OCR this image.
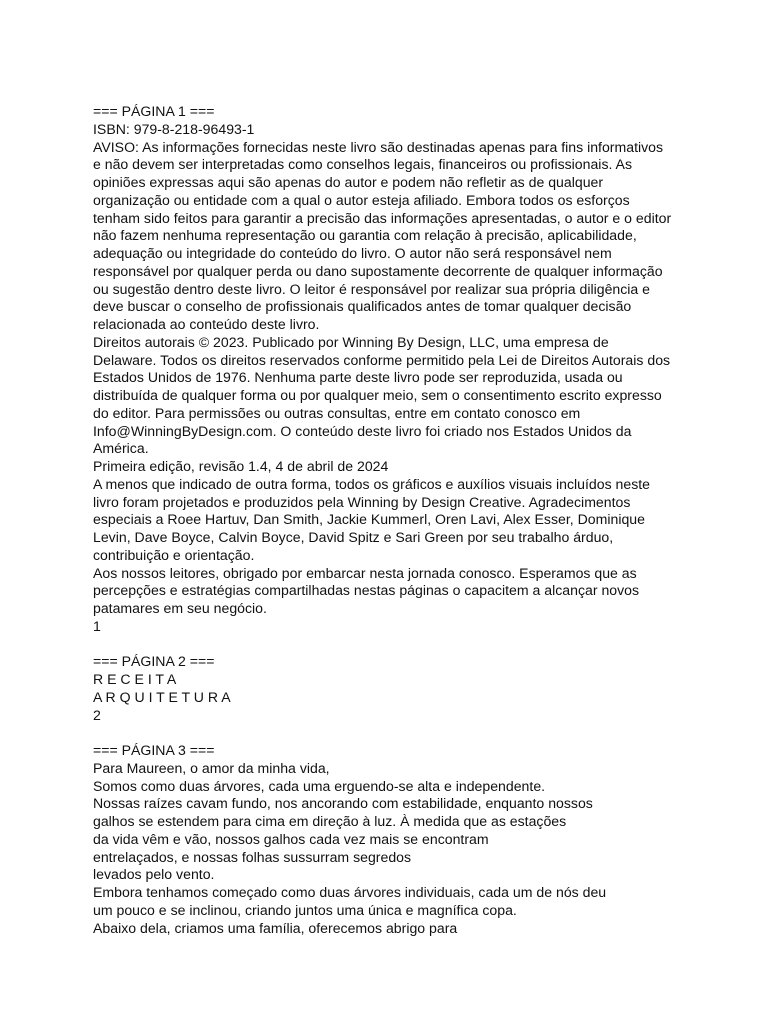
=== PÁGINA 1 ===
ISBN: 979-8-218-96493-1
AVISO: As informações fornecidas neste livro são destinadas apenas para fins informativos
e não devem ser interpretadas como conselhos legais, financeiros ou profissionais. As
opiniões expressas aqui são apenas do autor e podem não refletir as de qualquer
organização ou entidade com a qual o autor esteja afiliado. Embora todos os esforços
tenham sido feitos para garantir a precisão das informações apresentadas, o autor e o editor
não fazem nenhuma representação ou garantia com relação à precisão, aplicabilidade,
adequação ou integridade do conteúdo do livro. O autor não será responsável nem
responsável por qualquer perda ou dano supostamente decorrente de qualquer informação
ou sugestão dentro deste livro. O leitor é responsável por realizar sua própria diligência e
deve buscar o conselho de profissionais qualificados antes de tomar qualquer decisão
relacionada ao conteúdo deste livro.
Direitos autorais © 2023. Publicado por Winning By Design, LLC, uma empresa de
Delaware. Todos os direitos reservados conforme permitido pela Lei de Direitos Autorais dos
Estados Unidos de 1976. Nenhuma parte deste livro pode ser reproduzida, usada ou
distribuída de qualquer forma ou por qualquer meio, sem o consentimento escrito expresso
do editor. Para permissões ou outras consultas, entre em contato conosco em
Info@WinningByDesign.com. O conteúdo deste livro foi criado nos Estados Unidos da
América.
Primeira edição, revisão 1.4, 4 de abril de 2024
A menos que indicado de outra forma, todos os gráficos e auxílios visuais incluídos neste
livro foram projetados e produzidos pela Winning by Design Creative. Agradecimentos
especiais a Roee Hartuv, Dan Smith, Jackie Kummerl, Oren Lavi, Alex Esser, Dominique
Levin, Dave Boyce, Calvin Boyce, David Spitz e Sari Green por seu trabalho árduo,
contribuição e orientação.
Aos nossos leitores, obrigado por embarcar nesta jornada conosco. Esperamos que as
percepções e estratégias compartilhadas nestas páginas o capacitem a alcançar novos
patamares em seu negócio.
1
=== PÁGINA 2 ===
R E C E I T A
A R Q U I T E T U R A
2
=== PÁGINA 3 ===
Para Maureen, o amor da minha vida,
Somos como duas árvores, cada uma erguendo-se alta e independente.
Nossas raízes cavam fundo, nos ancorando com estabilidade, enquanto nossos
galhos se estendem para cima em direção à luz. À medida que as estações
da vida vêm e vão, nossos galhos cada vez mais se encontram
entrelaçados, e nossas folhas sussurram segredos
levados pelo vento.
Embora tenhamos começado como duas árvores individuais, cada um de nós deu
um pouco e se inclinou, criando juntos uma única e magnífica copa.
Abaixo dela, criamos uma família, oferecemos abrigo para
